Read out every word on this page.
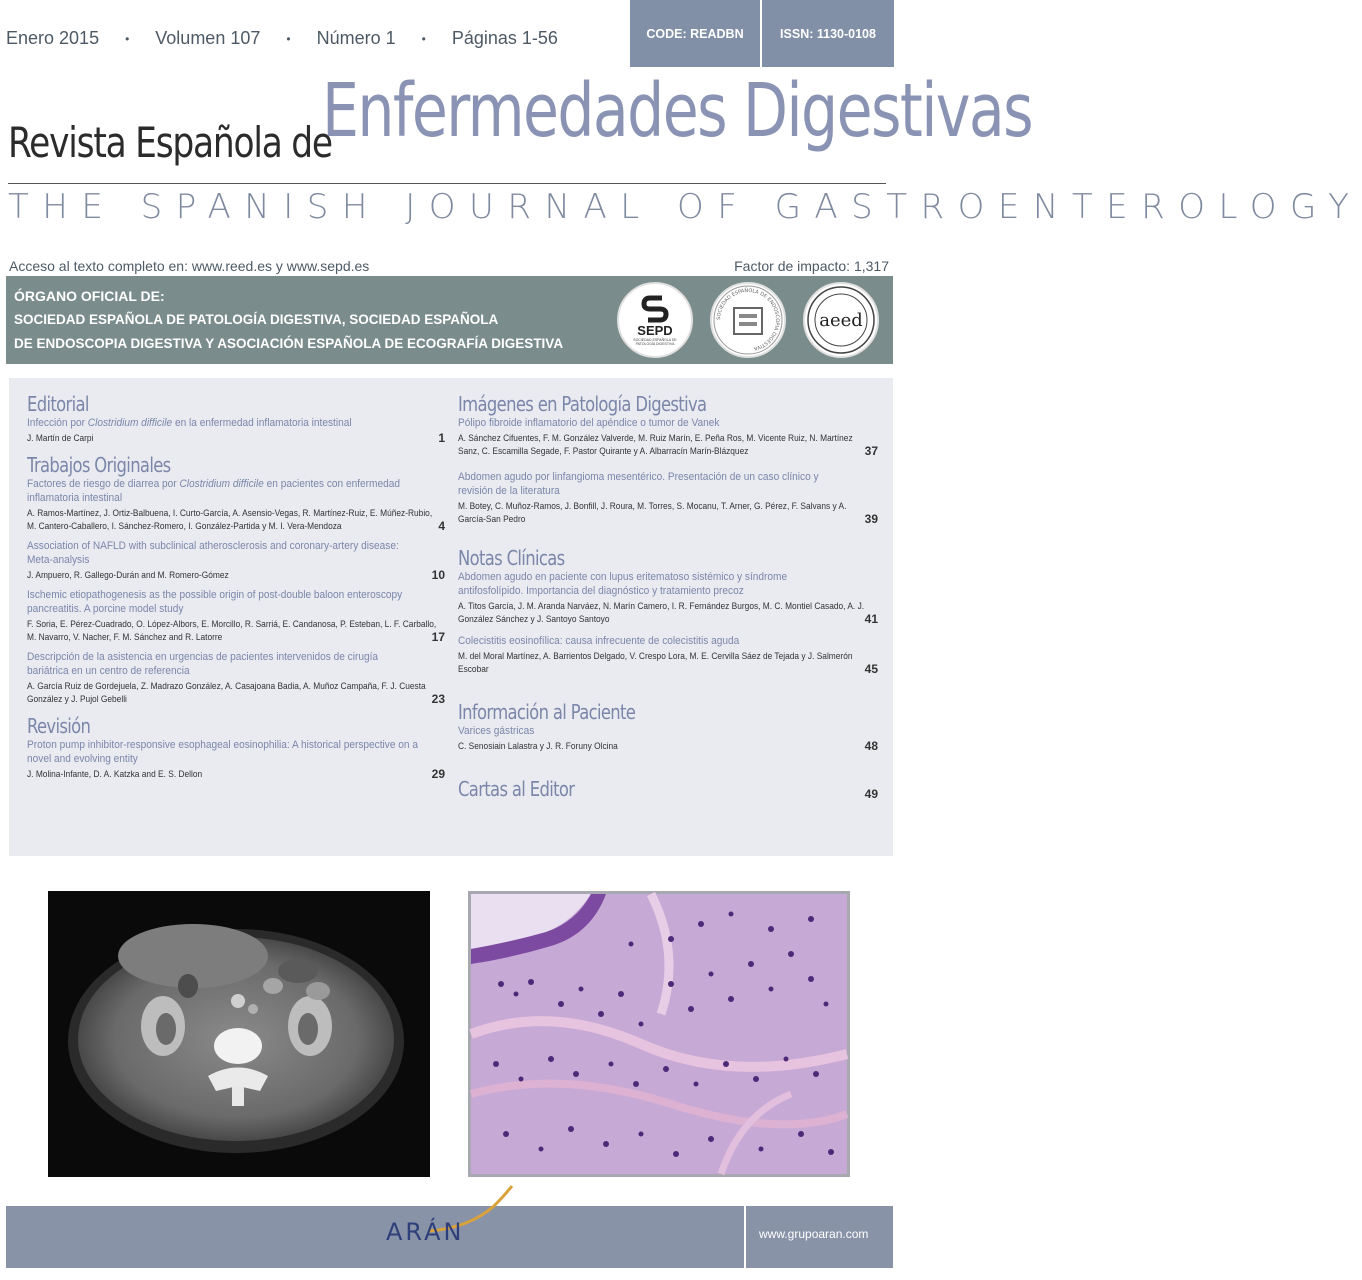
Enero 2015 • Volumen 107 • Número 1 • Páginas 1-56	CODE: READBN	ISSN: 1130-0108
Revista Española de
Enfermedades Digestivas
THE SPANISH JOURNAL OF GASTROENTEROLOGY
Acceso al texto completo en: www.reed.es y www.sepd.es	Factor de impacto: 1,317
ÓRGANO OFICIAL DE:
SOCIEDAD ESPAÑOLA DE PATOLOGÍA DIGESTIVA, SOCIEDAD ESPAÑOLA
DE ENDOSCOPIA DIGESTIVA Y ASOCIACIÓN ESPAÑOLA DE ECOGRAFÍA DIGESTIVA
SEPD
SOCIEDAD ESPAÑOLA DE PATOLOGÍA DIGESTIVA
SOCIEDAD ESPAÑOLA DE ENDOSCOPIA DIGESTIVA
aeed
Editorial
Infección por Clostridium difficile en la enfermedad inflamatoria intestinal
J. Martín de Carpi	1
Trabajos Originales
Factores de riesgo de diarrea por Clostridium difficile en pacientes con enfermedad inflamatoria intestinal
A. Ramos-Martínez, J. Ortiz-Balbuena, I. Curto-García, A. Asensio-Vegas, R. Martínez-Ruiz, E. Múñez-Rubio, M. Cantero-Caballero, I. Sánchez-Romero, I. González-Partida y M. I. Vera-Mendoza	4
Association of NAFLD with subclinical atherosclerosis and coronary-artery disease: Meta-analysis
J. Ampuero, R. Gallego-Durán and M. Romero-Gómez	10
Ischemic etiopathogenesis as the possible origin of post-double baloon enteroscopy pancreatitis. A porcine model study
F. Soria, E. Pérez-Cuadrado, O. López-Albors, E. Morcillo, R. Sarriá, E. Candanosa, P. Esteban, L. F. Carballo, M. Navarro, V. Nacher, F. M. Sánchez and R. Latorre	17
Descripción de la asistencia en urgencias de pacientes intervenidos de cirugía bariátrica en un centro de referencia
A. García Ruiz de Gordejuela, Z. Madrazo González, A. Casajoana Badia, A. Muñoz Campaña, F. J. Cuesta González y J. Pujol Gebelli	23
Revisión
Proton pump inhibitor-responsive esophageal eosinophilia: A historical perspective on a novel and evolving entity
J. Molina-Infante, D. A. Katzka and E. S. Dellon	29
Imágenes en Patología Digestiva
Pólipo fibroide inflamatorio del apéndice o tumor de Vanek
A. Sánchez Cifuentes, F. M. González Valverde, M. Ruiz Marín, E. Peña Ros, M. Vicente Ruiz, N. Martínez Sanz, C. Escamilla Segade, F. Pastor Quirante y A. Albarracín Marín-Blázquez	37
Abdomen agudo por linfangioma mesentérico. Presentación de un caso clínico y revisión de la literatura
M. Botey, C. Muñoz-Ramos, J. Bonfill, J. Roura, M. Torres, S. Mocanu, T. Arner, G. Pérez, F. Salvans y A. García-San Pedro	39
Notas Clínicas
Abdomen agudo en paciente con lupus eritematoso sistémico y síndrome antifosfolípido. Importancia del diagnóstico y tratamiento precoz
A. Titos García, J. M. Aranda Narváez, N. Marín Camero, I. R. Fernández Burgos, M. C. Montiel Casado, A. J. González Sánchez y J. Santoyo Santoyo	41
Colecistitis eosinofílica: causa infrecuente de colecistitis aguda
M. del Moral Martínez, A. Barrientos Delgado, V. Crespo Lora, M. E. Cervilla Sáez de Tejada y J. Salmerón Escobar	45
Información al Paciente
Varices gástricas
C. Senosiain Lalastra y J. R. Foruny Olcina	48
Cartas al Editor	49
ARÁN	www.grupoaran.com
